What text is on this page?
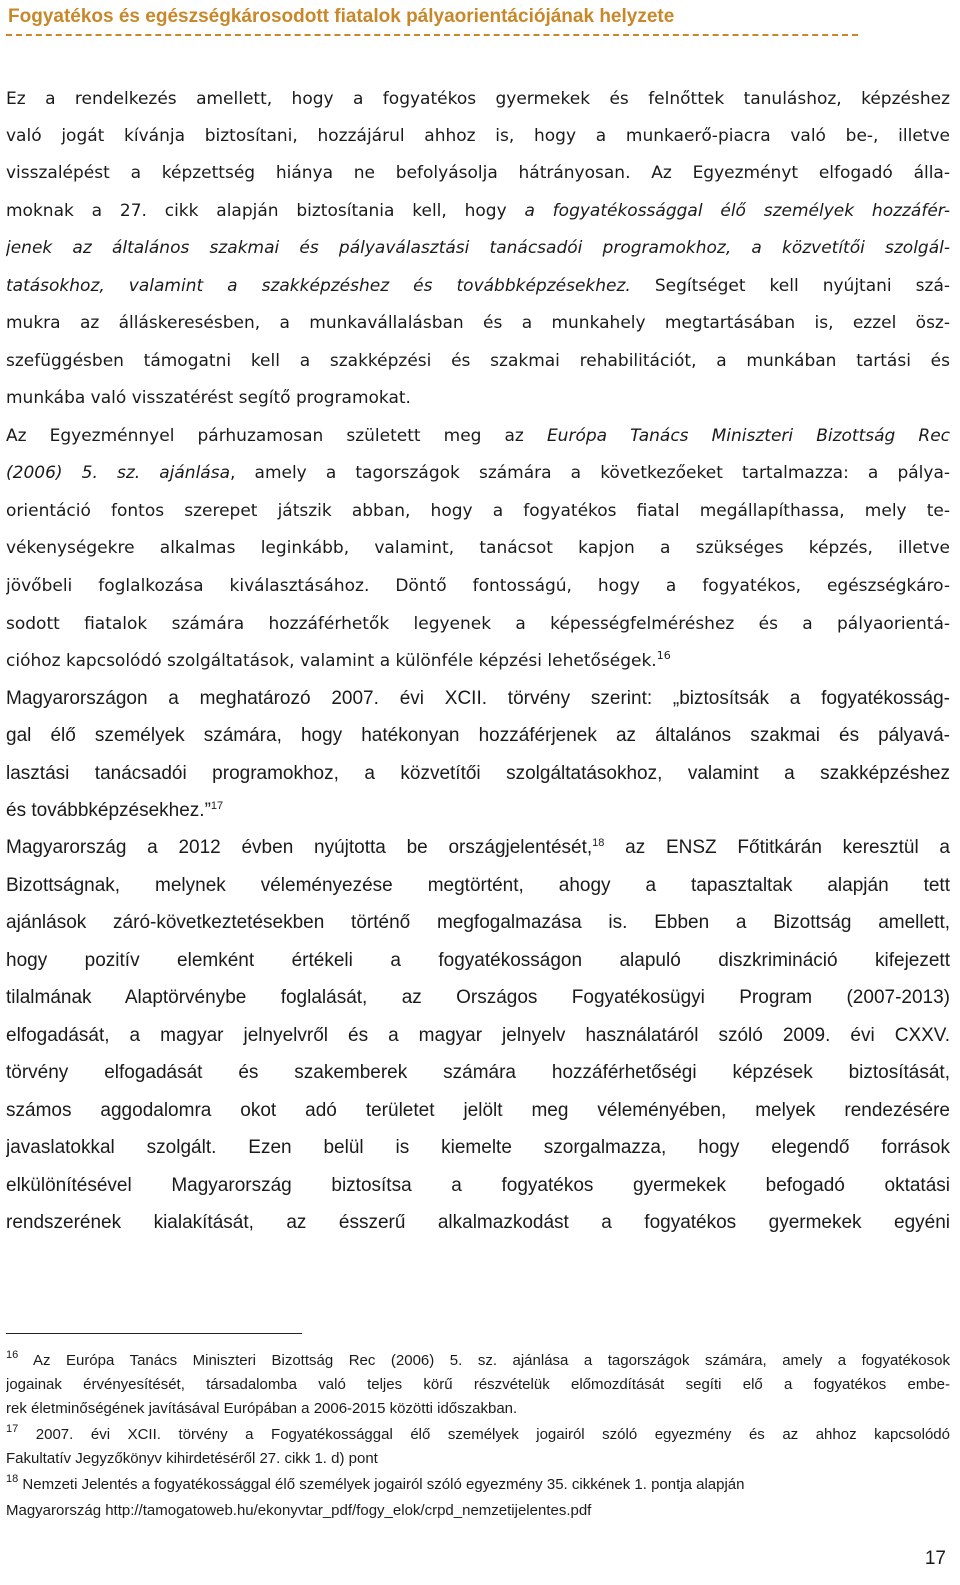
Fogyatékos és egészségkárosodott fiatalok pályaorientációjának helyzete
Ez a rendelkezés amellett, hogy a fogyatékos gyermekek és felnőttek tanuláshoz, képzéshez
való jogát kívánja biztosítani, hozzájárul ahhoz is, hogy a munkaerő-piacra való be-, illetve
visszalépést a képzettség hiánya ne befolyásolja hátrányosan. Az Egyezményt elfogadó álla-
moknak a 27. cikk alapján biztosítania kell, hogy a fogyatékossággal élő személyek hozzáfér-
jenek az általános szakmai és pályaválasztási tanácsadói programokhoz, a közvetítői szolgál-
tatásokhoz, valamint a szakképzéshez és továbbképzésekhez. Segítséget kell nyújtani szá-
mukra az álláskeresésben, a munkavállalásban és a munkahely megtartásában is, ezzel ösz-
szefüggésben támogatni kell a szakképzési és szakmai rehabilitációt, a munkában tartási és
munkába való visszatérést segítő programokat.
Az Egyezménnyel párhuzamosan született meg az Európa Tanács Miniszteri Bizottság Rec
(2006) 5. sz. ajánlása, amely a tagországok számára a következőeket tartalmazza: a pálya-
orientáció fontos szerepet játszik abban, hogy a fogyatékos fiatal megállapíthassa, mely te-
vékenységekre alkalmas leginkább, valamint, tanácsot kapjon a szükséges képzés, illetve
jövőbeli foglalkozása kiválasztásához. Döntő fontosságú, hogy a fogyatékos, egészségkáro-
sodott fiatalok számára hozzáférhetők legyenek a képességfelméréshez és a pályaorientá-
cióhoz kapcsolódó szolgáltatások, valamint a különféle képzési lehetőségek.$^{16}$
Magyarországon a meghatározó 2007. évi XCII. törvény szerint: „biztosítsák a fogyatékosság-
gal élő személyek számára, hogy hatékonyan hozzáférjenek az általános szakmai és pályavá-
lasztási tanácsadói programokhoz, a közvetítői szolgáltatásokhoz, valamint a szakképzéshez
és továbbképzésekhez.”$^{17}$
Magyarország a 2012 évben nyújtotta be országjelentését,$^{18}$ az ENSZ Főtitkárán keresztül a
Bizottságnak, melynek véleményezése megtörtént, ahogy a tapasztaltak alapján tett
ajánlások záró-következtetésekben történő megfogalmazása is. Ebben a Bizottság amellett,
hogy pozitív elemként értékeli a fogyatékosságon alapuló diszkrimináció kifejezett
tilalmának Alaptörvénybe foglalását, az Országos Fogyatékosügyi Program (2007-2013)
elfogadását, a magyar jelnyelvről és a magyar jelnyelv használatáról szóló 2009. évi CXXV.
törvény elfogadását és szakemberek számára hozzáférhetőségi képzések biztosítását,
számos aggodalomra okot adó területet jelölt meg véleményében, melyek rendezésére
javaslatokkal szolgált. Ezen belül is kiemelte szorgalmazza, hogy elegendő források
elkülönítésével Magyarország biztosítsa a fogyatékos gyermekek befogadó oktatási
rendszerének kialakítását, az ésszerű alkalmazkodást a fogyatékos gyermekek egyéni
$^{16}$ Az Európa Tanács Miniszteri Bizottság Rec (2006) 5. sz. ajánlása a tagországok számára, amely a fogyatékosok
jogainak érvényesítését, társadalomba való teljes körű részvételük előmozdítását segíti elő a fogyatékos embe-
rek életminőségének javításával Európában a 2006-2015 közötti időszakban.
$^{17}$ 2007. évi XCII. törvény a Fogyatékossággal élő személyek jogairól szóló egyezmény és az ahhoz kapcsolódó
Fakultatív Jegyzőkönyv kihirdetéséről 27. cikk 1. d) pont
$^{18}$ Nemzeti Jelentés a fogyatékossággal élő személyek jogairól szóló egyezmény 35. cikkének 1. pontja alapján
Magyarország http://tamogatoweb.hu/ekonyvtar_pdf/fogy_elok/crpd_nemzetijelentes.pdf
17
